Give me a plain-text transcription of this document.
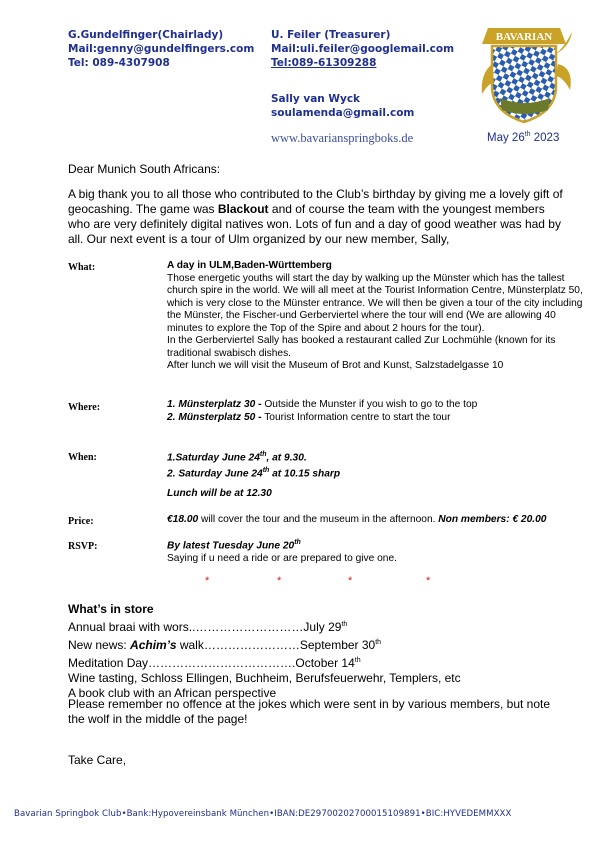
G.Gundelfinger(Chairlady)
Mail:genny@gundelfingers.com
Tel: 089-4307908
U. Feiler (Treasurer)
Mail:uli.feiler@googlemail.com
Tel:089-61309288
Sally van Wyck
soulamenda@gmail.com
www.bavarianspringboks.de	May 26th 2023
BAVARIAN
Dear Munich South Africans:
A big thank you to all those who contributed to the Club’s birthday by giving me a lovely gift of geocashing. The game was Blackout and of course the team with the youngest members who are very definitely digital natives won. Lots of fun and a day of good weather was had by all. Our next event is a tour of Ulm organized by our new member, Sally,
What:	A day in ULM,Baden-Württemberg
Those energetic youths will start the day by walking up the Münster which has the tallest church spire in the world. We will all meet at the Tourist Information Centre, Münsterplatz 50, which is very close to the Münster entrance. We will then be given a tour of the city including the Münster, the Fischer-und Gerberviertel where the tour will end (We are allowing 40 minutes to explore the Top of the Spire and about 2 hours for the tour).
In the Gerberviertel Sally has booked a restaurant called Zur Lochmühle (known for its traditional swabisch dishes.
After lunch we will visit the Museum of Brot and Kunst, Salzstadelgasse 10
Where:	1. Münsterplatz 30 - Outside the Munster if you wish to go to the top
2. Münsterplatz 50 - Tourist Information centre to start the tour
When:	1.Saturday June 24th, at 9.30.
2. Saturday June 24th at 10.15 sharp
Lunch will be at 12.30
Price:	€18.00 will cover the tour and the museum in the afternoon. Non members: € 20.00
RSVP:	By latest Tuesday June 20th
Saying if u need a ride or are prepared to give one.
*	*	*	*
What’s in store
Annual braai with wors..………………………July 29th
New news: Achim’s walk……………………September 30th
Meditation Day……………………………….October 14th
Wine tasting, Schloss Ellingen, Buchheim, Berufsfeuerwehr, Templers, etc
A book club with an African perspective
Please remember no offence at the jokes which were sent in by various members, but note the wolf in the middle of the page!
Take Care,
Bavarian Springbok Club•Bank:Hypovereinsbank München•IBAN:DE29700202700015109891•BIC:HYVEDEMMXXX
